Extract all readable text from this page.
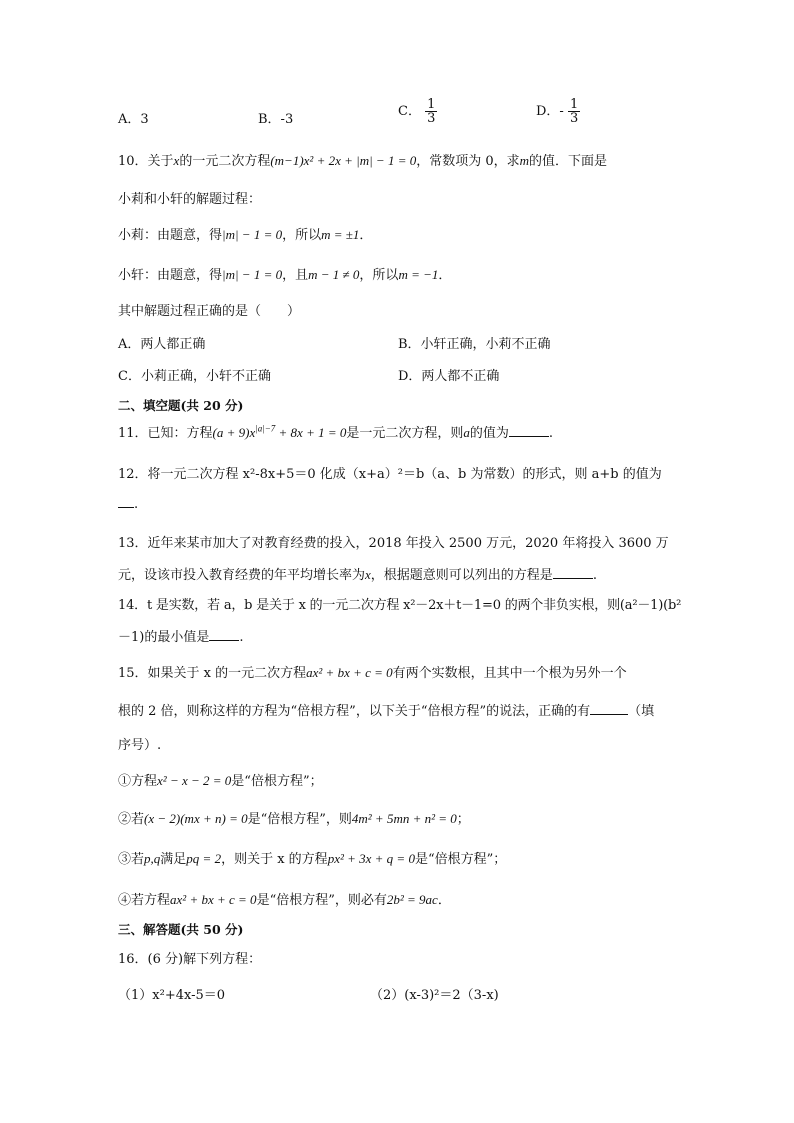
A．3	B．-3
C． $\frac{1}{3}$	D．- $\frac{1}{3}$
10．关于x的一元二次方程(m−1)x² + 2x + |m| − 1 = 0，常数项为 0，求m的值．下面是
小莉和小轩的解题过程：
小莉：由题意，得|m| − 1 = 0，所以m = ±1．
小轩：由题意，得|m| − 1 = 0，且m − 1 ≠ 0，所以m = −1．
其中解题过程正确的是（　　）
A．两人都正确	B．小轩正确，小莉不正确
C．小莉正确，小轩不正确	D．两人都不正确
二、填空题(共 20 分)
11．已知：方程$(a + 9)x^{|a|-7} + 8x + 1 = 0$是一元二次方程，则a的值为	.
12．将一元二次方程 x²-8x+5＝0 化成（x+a）²＝b（a、b 为常数）的形式，则 a+b 的值为
.
13．近年来某市加大了对教育经费的投入，2018 年投入 2500 万元，2020 年将投入 3600 万
元，设该市投入教育经费的年平均增长率为x，根据题意则可以列出的方程是	.
14．t 是实数，若 a，b 是关于 x 的一元二次方程 x²－2x＋t－1=0 的两个非负实根，则(a²－1)(b²
－1)的最小值是 .
15．如果关于 x 的一元二次方程ax² + bx + c = 0有两个实数根，且其中一个根为另外一个
根的 2 倍，则称这样的方程为“倍根方程”，以下关于“倍根方程”的说法，正确的有	（填
序号）.
①方程x² − x − 2 = 0是“倍根方程”；
②若(x − 2)(mx + n) = 0是“倍根方程”，则4m² + 5mn + n² = 0；
③若p,q满足pq = 2，则关于 x 的方程px² + 3x + q = 0是“倍根方程”；
④若方程ax² + bx + c = 0是“倍根方程”，则必有2b² = 9ac．
三、解答题(共 50 分)
16．(6 分)解下列方程：
（1）x²+4x-5＝0	（2）(x-3)²＝2（3-x)
